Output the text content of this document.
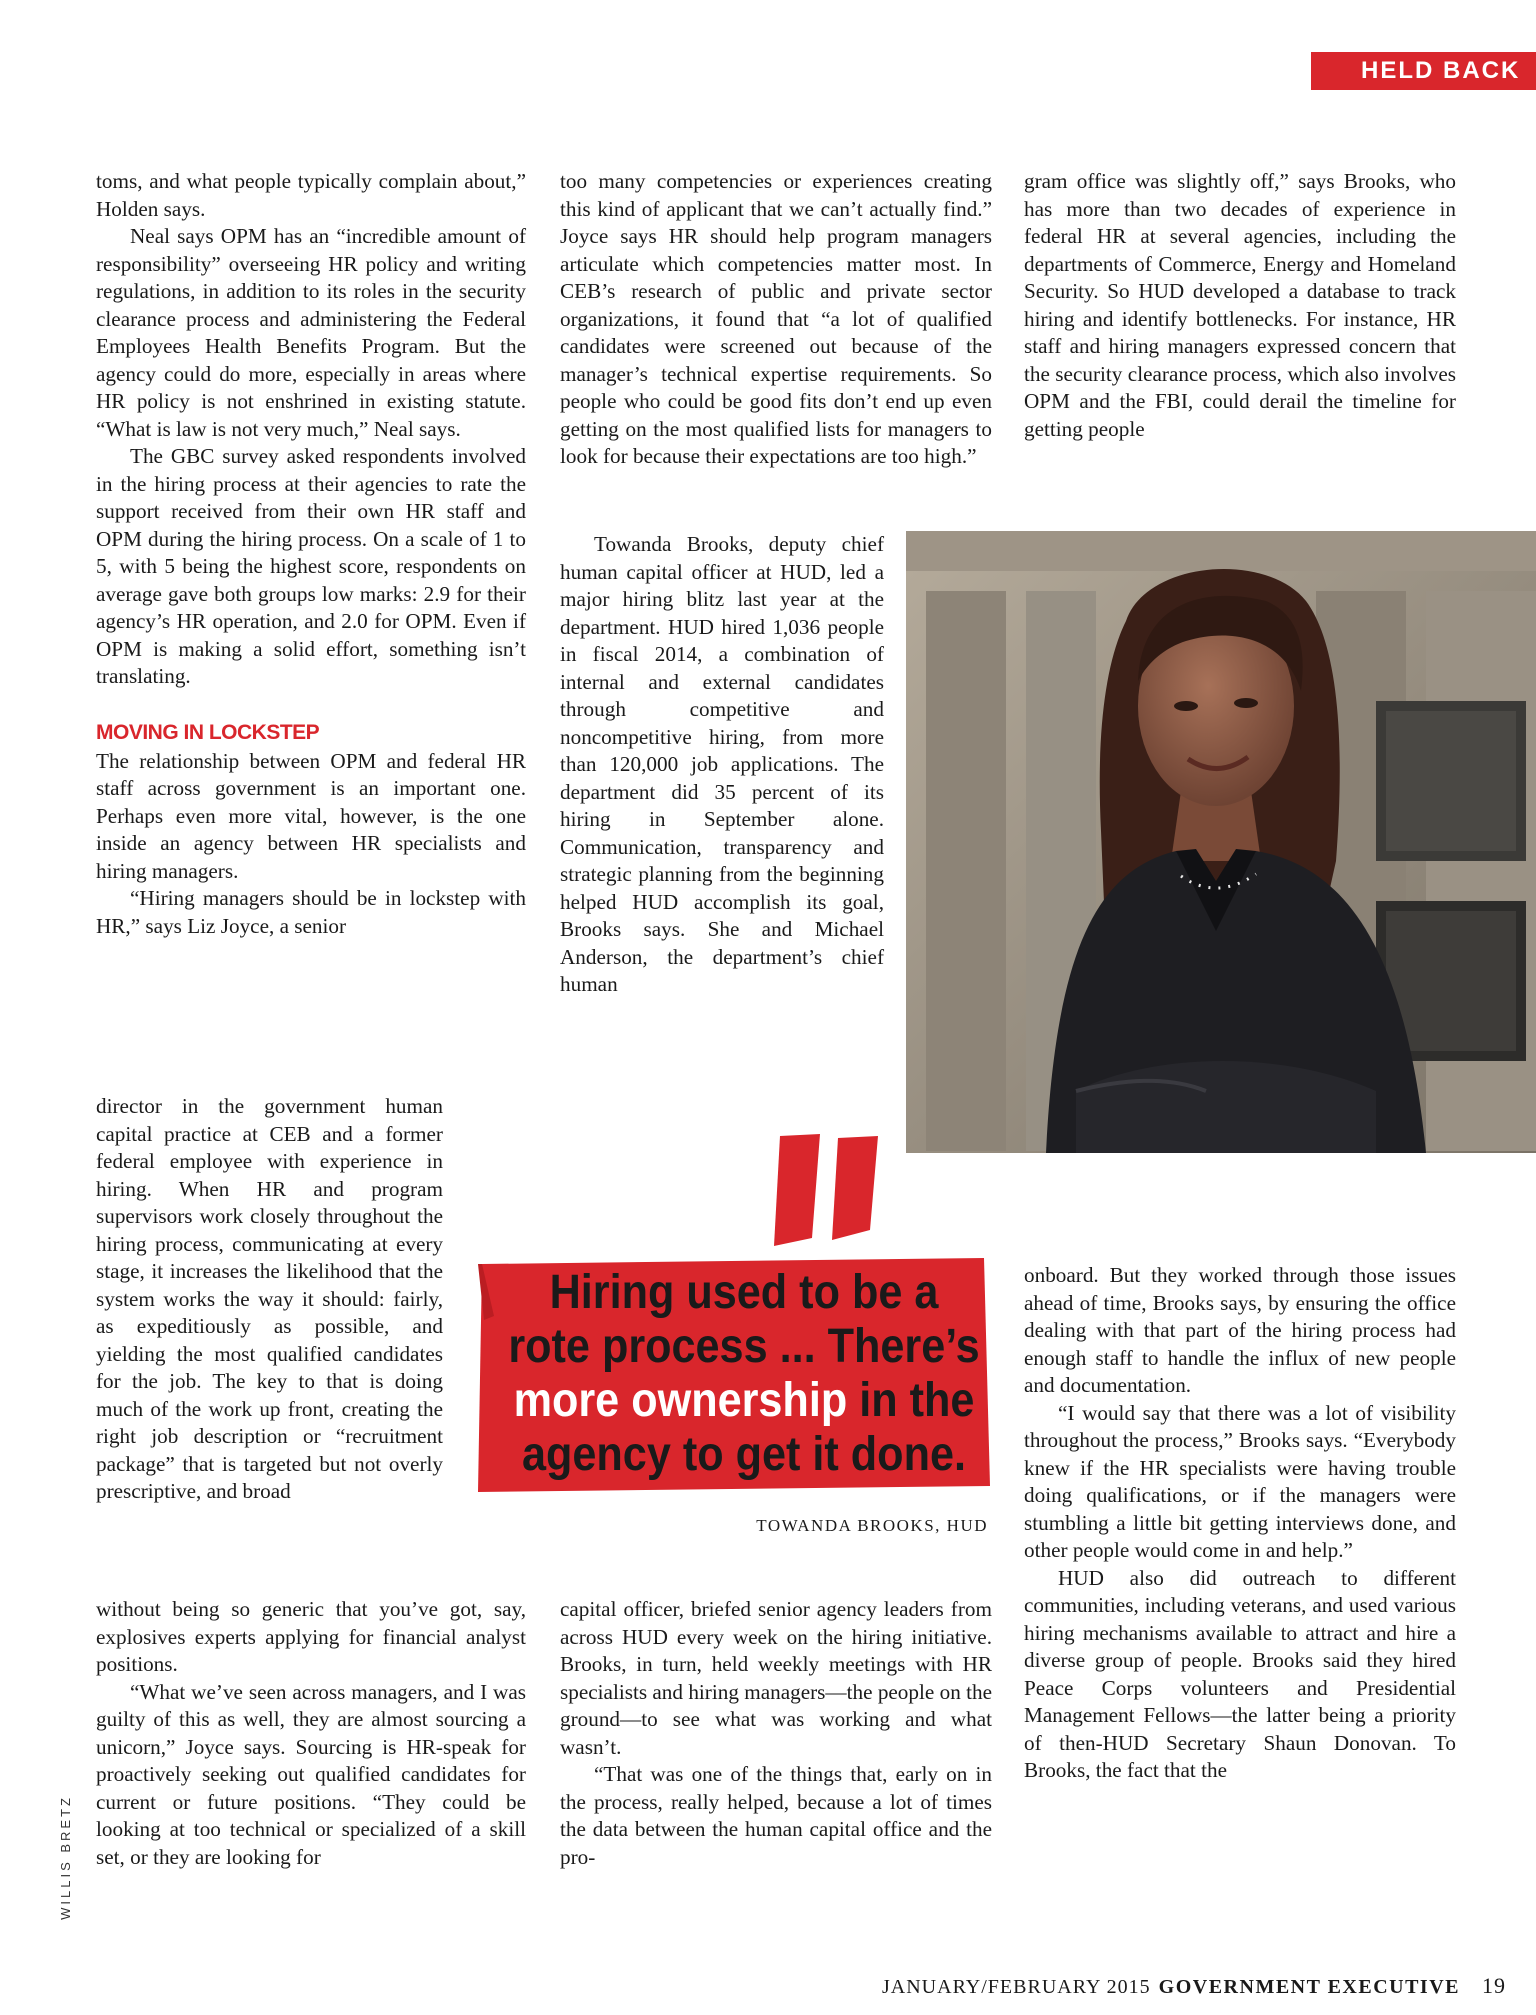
HELD BACK

toms, and what people typically complain about,” Holden says.

Neal says OPM has an “incredible amount of responsibility” overseeing HR policy and writing regulations, in addition to its roles in the security clearance process and administering the Federal Employees Health Benefits Program. But the agency could do more, especially in areas where HR policy is not enshrined in existing statute. “What is law is not very much,” Neal says.

The GBC survey asked respondents involved in the hiring process at their agencies to rate the support received from their own HR staff and OPM during the hiring process. On a scale of 1 to 5, with 5 being the highest score, respondents on average gave both groups low marks: 2.9 for their agency’s HR operation, and 2.0 for OPM. Even if OPM is making a solid effort, something isn’t translating.

MOVING IN LOCKSTEP

The relationship between OPM and federal HR staff across government is an important one. Perhaps even more vital, however, is the one inside an agency between HR specialists and hiring managers.

“Hiring managers should be in lockstep with HR,” says Liz Joyce, a senior

director in the government human capital practice at CEB and a former federal employee with experience in hiring. When HR and program supervisors work closely throughout the hiring process, communicating at every stage, it increases the likelihood that the system works the way it should: fairly, as expeditiously as possible, and yielding the most qualified candidates for the job. The key to that is doing much of the work up front, creating the right job description or “recruitment package” that is targeted but not overly prescriptive, and broad

without being so generic that you’ve got, say, explosives experts applying for financial analyst positions.

“What we’ve seen across managers, and I was guilty of this as well, they are almost sourcing a unicorn,” Joyce says. Sourcing is HR-speak for proactively seeking out qualified candidates for current or future positions. “They could be looking at too technical or specialized of a skill set, or they are looking for

too many competencies or experiences creating this kind of applicant that we can’t actually find.” Joyce says HR should help program managers articulate which competencies matter most. In CEB’s research of public and private sector organizations, it found that “a lot of qualified candidates were screened out because of the manager’s technical expertise requirements. So people who could be good fits don’t end up even getting on the most qualified lists for managers to look for because their expectations are too high.”

Towanda Brooks, deputy chief human capital officer at HUD, led a major hiring blitz last year at the department. HUD hired 1,036 people in fiscal 2014, a combination of internal and external candidates through competitive and noncompetitive hiring, from more than 120,000 job applications. The department did 35 percent of its hiring in September alone. Communication, transparency and strategic planning from the beginning helped HUD accomplish its goal, Brooks says. She and Michael Anderson, the department’s chief human

capital officer, briefed senior agency leaders from across HUD every week on the hiring initiative. Brooks, in turn, held weekly meetings with HR specialists and hiring managers—the people on the ground—to see what was working and what wasn’t.

“That was one of the things that, early on in the process, really helped, because a lot of times the data between the human capital office and the pro-

gram office was slightly off,” says Brooks, who has more than two decades of experience in federal HR at several agencies, including the departments of Commerce, Energy and Homeland Security. So HUD developed a database to track hiring and identify bottlenecks. For instance, HR staff and hiring managers expressed concern that the security clearance process, which also involves OPM and the FBI, could derail the timeline for getting people

onboard. But they worked through those issues ahead of time, Brooks says, by ensuring the office dealing with that part of the hiring process had enough staff to handle the influx of new people and documentation.

“I would say that there was a lot of visibility throughout the process,” Brooks says. “Everybody knew if the HR specialists were having trouble doing qualifications, or if the managers were stumbling a little bit getting interviews done, and other people would come in and help.”

HUD also did outreach to different communities, including veterans, and used various hiring mechanisms available to attract and hire a diverse group of people. Brooks said they hired Peace Corps volunteers and Presidential Management Fellows—the latter being a priority of then-HUD Secretary Shaun Donovan. To Brooks, the fact that the

WILLIS BRETZ
Hiring used to be a
rote process ... There’s
more ownership in the
agency to get it done.
TOWANDA BROOKS, HUD
JANUARY/FEBRUARY 2015 GOVERNMENT EXECUTIVE 19
